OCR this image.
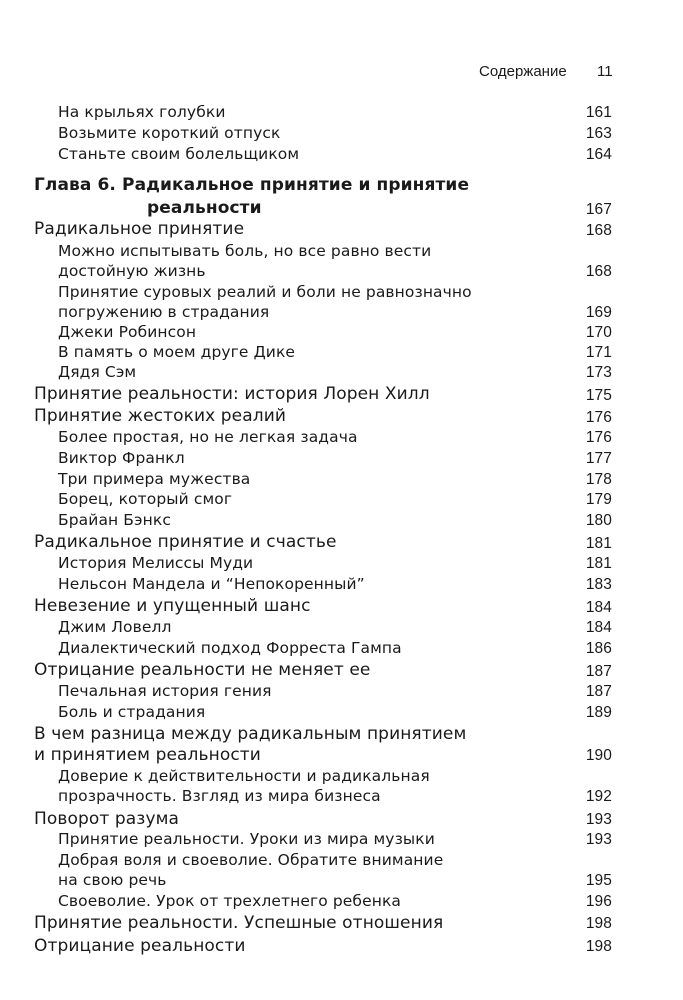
Содержание 11
На крыльях голубки	161
Возьмите короткий отпуск	163
Станьте своим болельщиком	164
Глава 6. Радикальное принятие и принятие
реальности	167
Радикальное принятие	168
Можно испытывать боль, но все равно вести
достойную жизнь	168
Принятие суровых реалий и боли не равнозначно
погружению в страдания	169
Джеки Робинсон	170
В память о моем друге Дике	171
Дядя Сэм	173
Принятие реальности: история Лорен Хилл	175
Принятие жестоких реалий	176
Более простая, но не легкая задача	176
Виктор Франкл	177
Три примера мужества	178
Борец, который смог	179
Брайан Бэнкс	180
Радикальное принятие и счастье	181
История Мелиссы Муди	181
Нельсон Мандела и “Непокоренный”	183
Невезение и упущенный шанс	184
Джим Ловелл	184
Диалектический подход Форреста Гампа	186
Отрицание реальности не меняет ее	187
Печальная история гения	187
Боль и страдания	189
В чем разница между радикальным принятием
и принятием реальности	190
Доверие к действительности и радикальная
прозрачность. Взгляд из мира бизнеса	192
Поворот разума	193
Принятие реальности. Уроки из мира музыки	193
Добрая воля и своеволие. Обратите внимание
на свою речь	195
Своеволие. Урок от трехлетнего ребенка	196
Принятие реальности. Успешные отношения	198
Отрицание реальности	198
